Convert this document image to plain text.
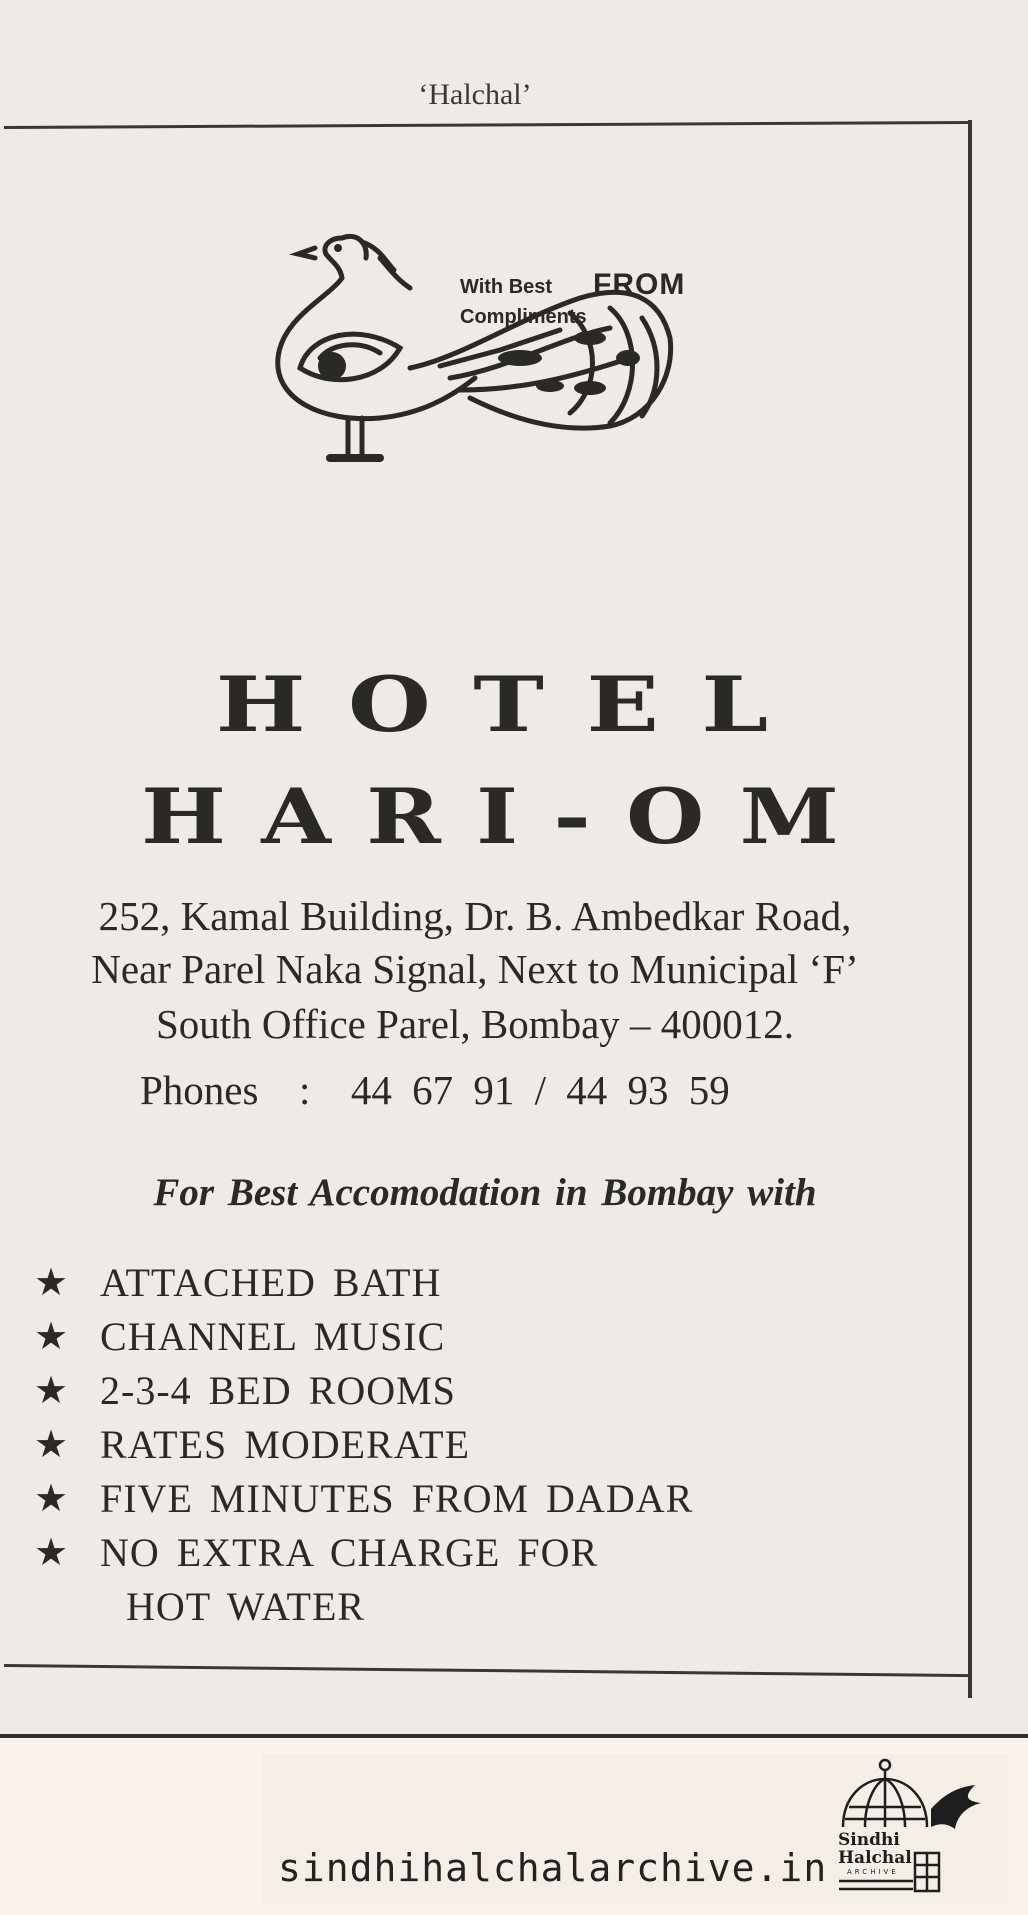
‘Halchal’
With Best
Compliments
FROM
HOTEL
HARI-OM
252, Kamal Building, Dr. B. Ambedkar Road,
Near Parel Naka Signal, Next to Municipal ‘F’
South Office Parel, Bombay – 400012.
Phones  :  44 67 91 / 44 93 59
For Best Accomodation in Bombay with
★ ATTACHED BATH
★ CHANNEL MUSIC
★ 2-3-4 BED ROOMS
★ RATES MODERATE
★ FIVE MINUTES FROM DADAR
★ NO EXTRA CHARGE FOR
HOT WATER
sindhihalchalarchive.in
Sindhi
Halchal
ARCHIVE
